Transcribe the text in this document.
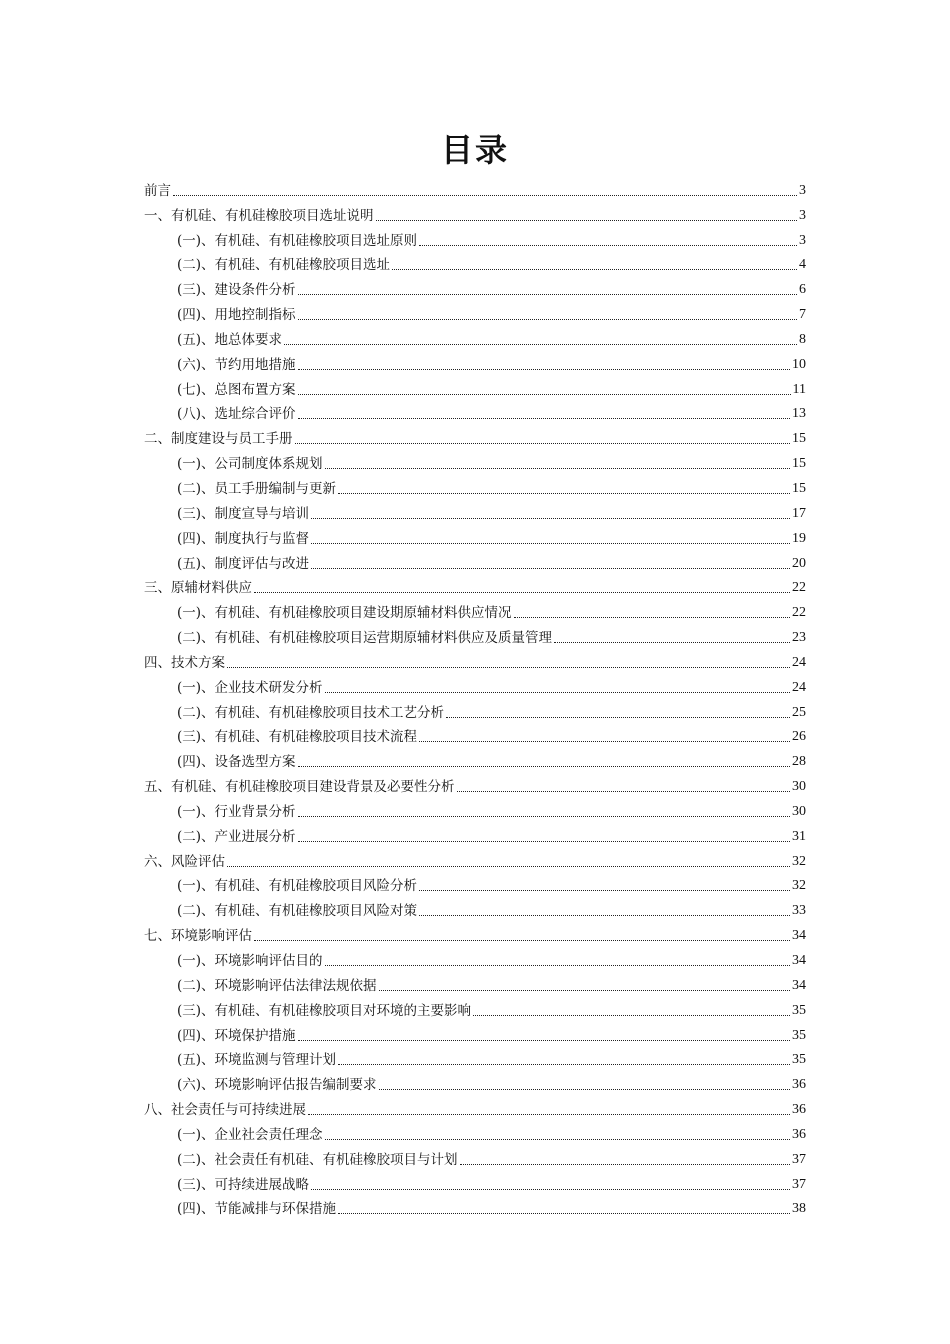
目录
前言	3
一、有机硅、有机硅橡胶项目选址说明	3
(一)、有机硅、有机硅橡胶项目选址原则	3
(二)、有机硅、有机硅橡胶项目选址	4
(三)、建设条件分析	6
(四)、用地控制指标	7
(五)、地总体要求	8
(六)、节约用地措施	10
(七)、总图布置方案	11
(八)、选址综合评价	13
二、制度建设与员工手册	15
(一)、公司制度体系规划	15
(二)、员工手册编制与更新	15
(三)、制度宣导与培训	17
(四)、制度执行与监督	19
(五)、制度评估与改进	20
三、原辅材料供应	22
(一)、有机硅、有机硅橡胶项目建设期原辅材料供应情况	22
(二)、有机硅、有机硅橡胶项目运营期原辅材料供应及质量管理	23
四、技术方案	24
(一)、企业技术研发分析	24
(二)、有机硅、有机硅橡胶项目技术工艺分析	25
(三)、有机硅、有机硅橡胶项目技术流程	26
(四)、设备选型方案	28
五、有机硅、有机硅橡胶项目建设背景及必要性分析	30
(一)、行业背景分析	30
(二)、产业进展分析	31
六、风险评估	32
(一)、有机硅、有机硅橡胶项目风险分析	32
(二)、有机硅、有机硅橡胶项目风险对策	33
七、环境影响评估	34
(一)、环境影响评估目的	34
(二)、环境影响评估法律法规依据	34
(三)、有机硅、有机硅橡胶项目对环境的主要影响	35
(四)、环境保护措施	35
(五)、环境监测与管理计划	35
(六)、环境影响评估报告编制要求	36
八、社会责任与可持续进展	36
(一)、企业社会责任理念	36
(二)、社会责任有机硅、有机硅橡胶项目与计划	37
(三)、可持续进展战略	37
(四)、节能减排与环保措施	38
